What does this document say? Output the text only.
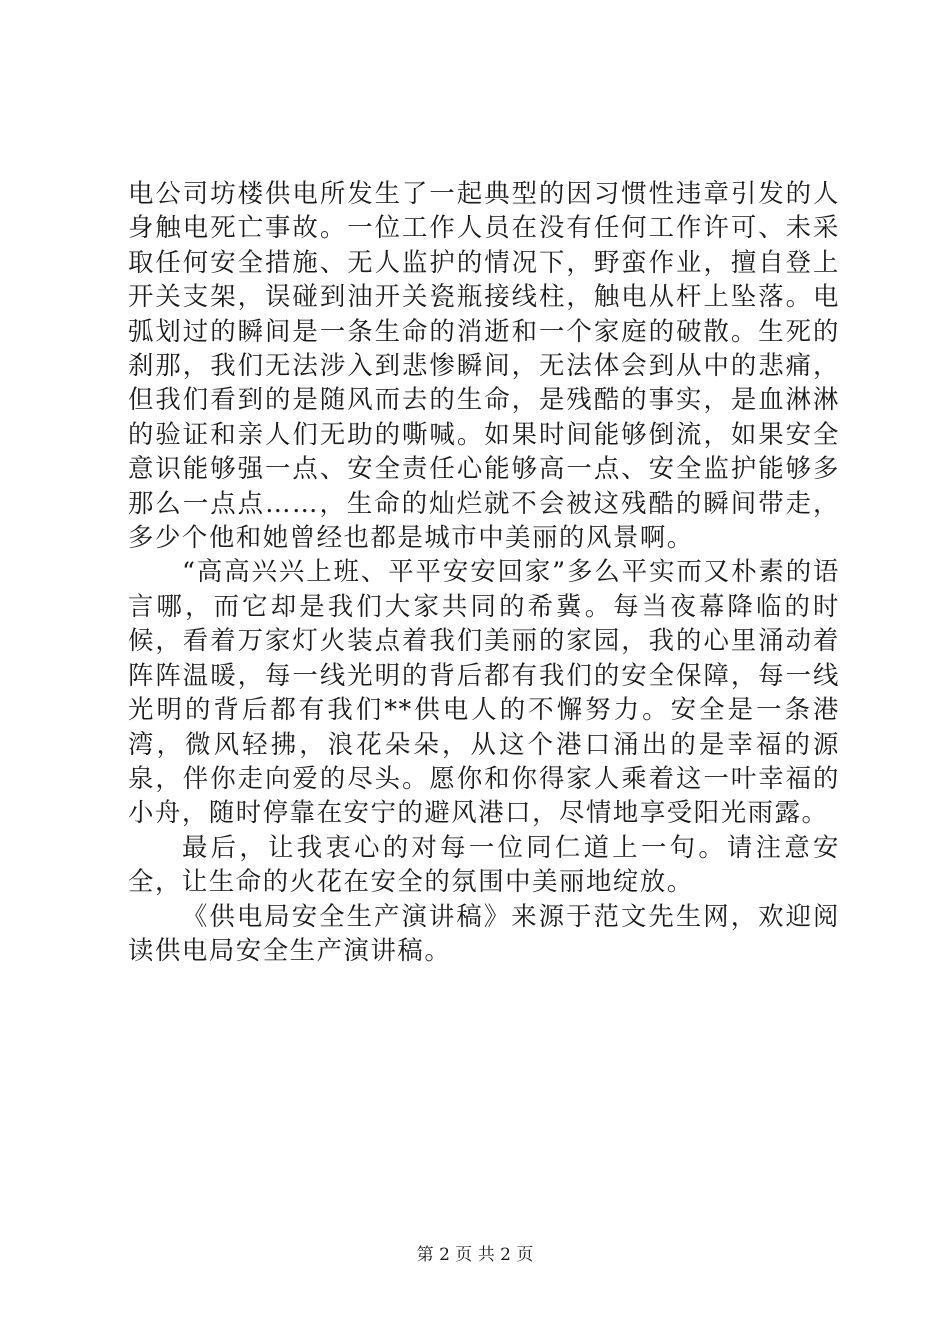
电公司坊楼供电所发生了一起典型的因习惯性违章引发的人身触电死亡事故。一位工作人员在没有任何工作许可、未采取任何安全措施、无人监护的情况下，野蛮作业，擅自登上开关支架，误碰到油开关瓷瓶接线柱，触电从杆上坠落。电弧划过的瞬间是一条生命的消逝和一个家庭的破散。生死的刹那，我们无法涉入到悲惨瞬间，无法体会到从中的悲痛，但我们看到的是随风而去的生命，是残酷的事实，是血淋淋的验证和亲人们无助的嘶喊。如果时间能够倒流，如果安全意识能够强一点、安全责任心能够高一点、安全监护能够多那么一点点……，生命的灿烂就不会被这残酷的瞬间带走，多少个他和她曾经也都是城市中美丽的风景啊。

“高高兴兴上班、平平安安回家”多么平实而又朴素的语言哪，而它却是我们大家共同的希冀。每当夜幕降临的时候，看着万家灯火装点着我们美丽的家园，我的心里涌动着阵阵温暖，每一线光明的背后都有我们的安全保障，每一线光明的背后都有我们**供电人的不懈努力。安全是一条港湾，微风轻拂，浪花朵朵，从这个港口涌出的是幸福的源泉，伴你走向爱的尽头。愿你和你得家人乘着这一叶幸福的小舟，随时停靠在安宁的避风港口，尽情地享受阳光雨露。

最后，让我衷心的对每一位同仁道上一句。请注意安全，让生命的火花在安全的氛围中美丽地绽放。

《供电局安全生产演讲稿》来源于范文先生网，欢迎阅读供电局安全生产演讲稿。

第 2 页 共 2 页
